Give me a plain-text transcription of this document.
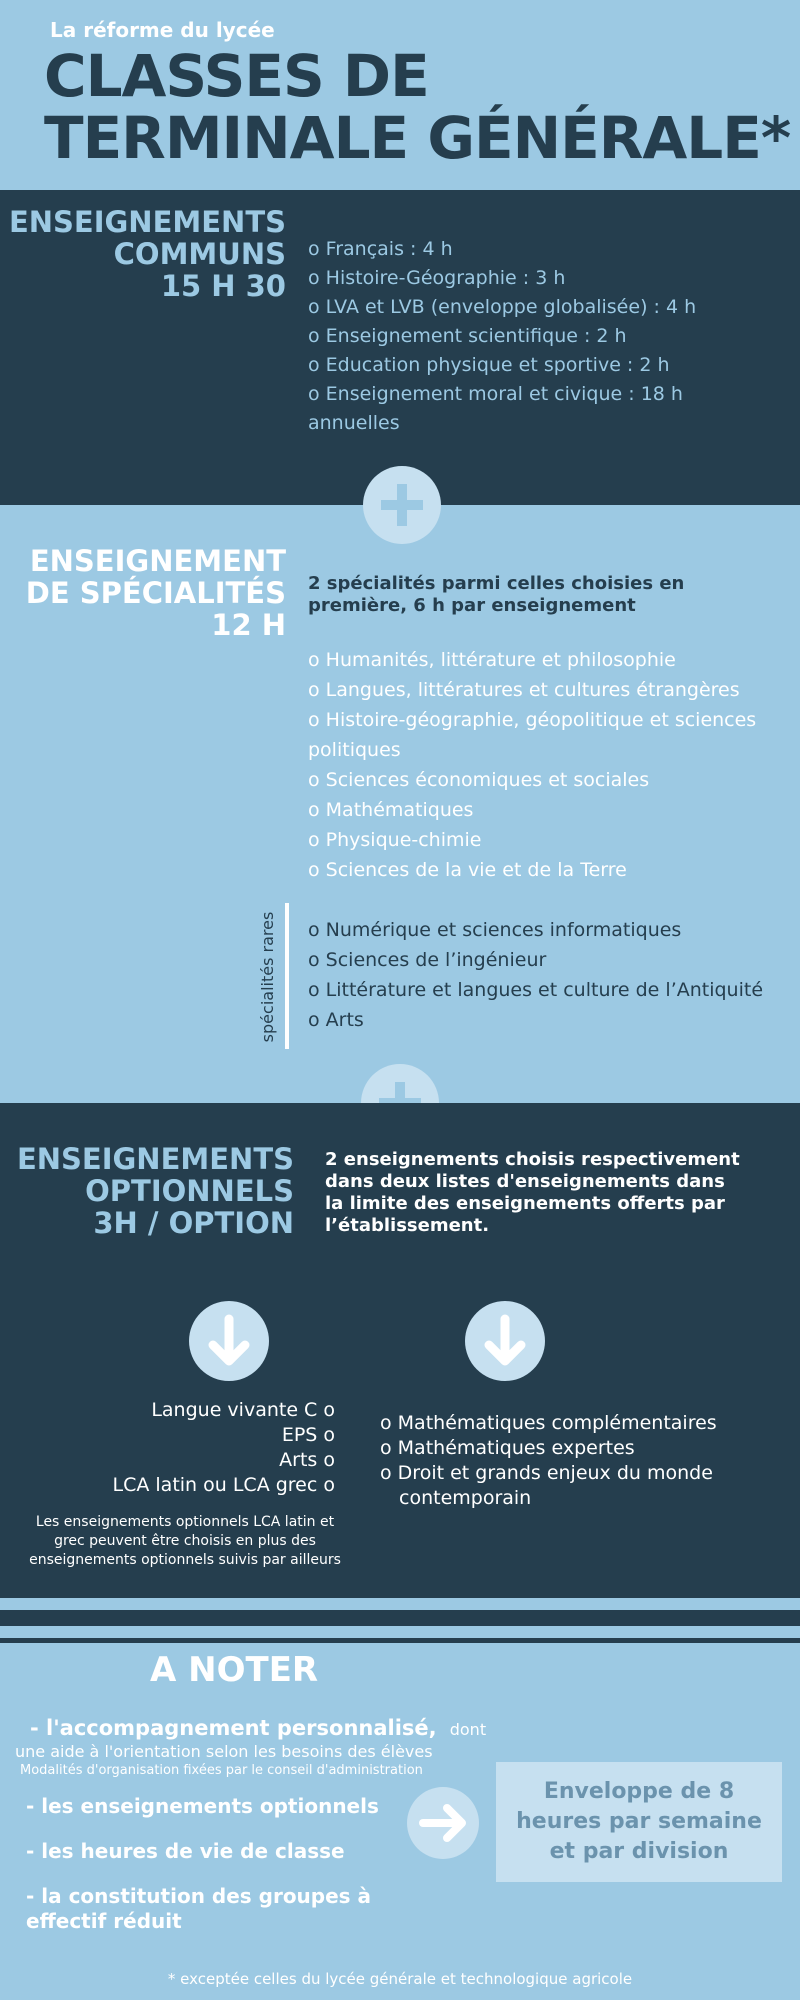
La réforme du lycée
CLASSES DE
TERMINALE GÉNÉRALE*
ENSEIGNEMENTS
COMMUNS
15 H 30
o Français : 4 h
o Histoire-Géographie : 3 h
o LVA et LVB (enveloppe globalisée) : 4 h
o Enseignement scientifique : 2 h
o Education physique et sportive : 2 h
o Enseignement moral et civique : 18 h annuelles
ENSEIGNEMENT
DE SPÉCIALITÉS
12 H
2 spécialités parmi celles choisies en première, 6 h par enseignement
o Humanités, littérature et philosophie
o Langues, littératures et cultures étrangères
o Histoire-géographie, géopolitique et sciences politiques
o Sciences économiques et sociales
o Mathématiques
o Physique-chimie
o Sciences de la vie et de la Terre
spécialités rares o Numérique et sciences informatiques
o Sciences de l’ingénieur
o Littérature et langues et culture de l’Antiquité
o Arts
ENSEIGNEMENTS
OPTIONNELS
3H / OPTION
2 enseignements choisis respectivement dans deux listes d'enseignements dans la limite des enseignements offerts par l’établissement.
Langue vivante C o
EPS o
Arts o
LCA latin ou LCA grec o
Les enseignements optionnels LCA latin et grec peuvent être choisis en plus des enseignements optionnels suivis par ailleurs
o Mathématiques complémentaires
o Mathématiques expertes
o Droit et grands enjeux du monde contemporain
A NOTER
- l'accompagnement personnalisé, dont
une aide à l'orientation selon les besoins des élèves
Modalités d'organisation fixées par le conseil d'administration
- les enseignements optionnels
- les heures de vie de classe
- la constitution des groupes à effectif réduit
Enveloppe de 8 heures par semaine et par division
* exceptée celles du lycée générale et technologique agricole
